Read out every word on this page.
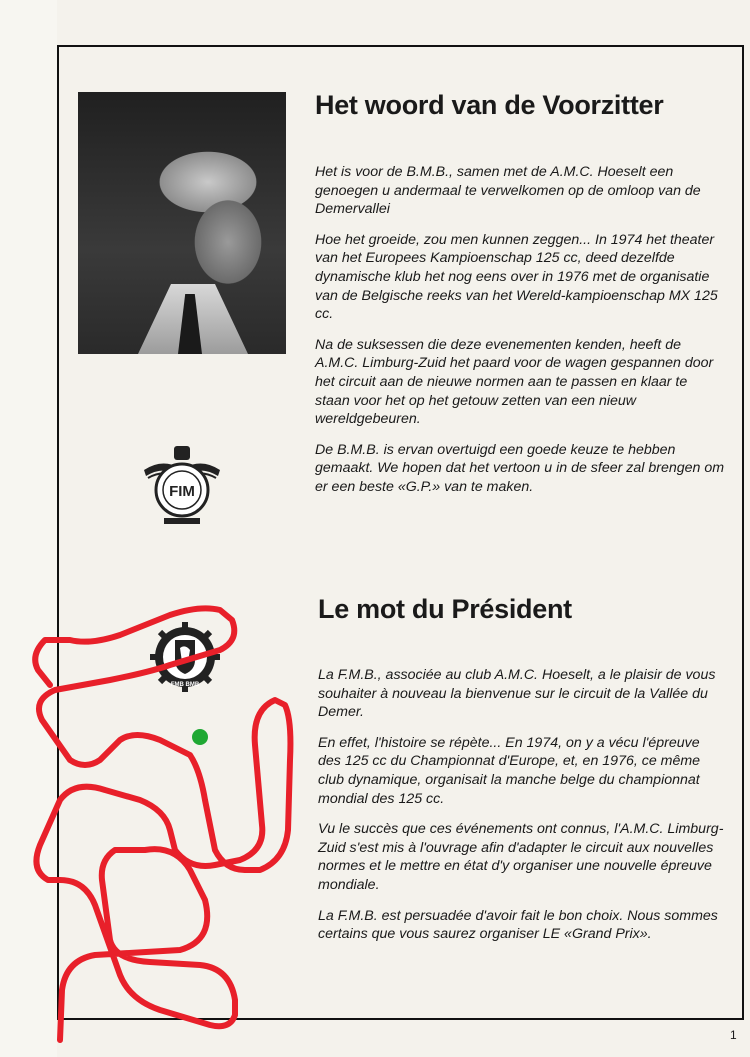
Het woord van de Voorzitter

Het is voor de B.M.B., samen met de A.M.C. Hoeselt een genoegen u andermaal te verwelkomen op de omloop van de Demervallei

Hoe het groeide, zou men kunnen zeggen... In 1974 het theater van het Europees Kampioenschap 125 cc, deed dezelfde dynamische klub het nog eens over in 1976 met de organisatie van de Belgische reeks van het Wereld-kampioenschap MX 125 cc.

Na de suksessen die deze evenementen kenden, heeft de A.M.C. Limburg-Zuid het paard voor de wagen gespannen door het circuit aan de nieuwe normen aan te passen en klaar te staan voor het op het getouw zetten van een nieuw wereldgebeuren.

De B.M.B. is ervan overtuigd een goede keuze te hebben gemaakt. We hopen dat het vertoon u in de sfeer zal brengen om er een beste «G.P.» van te maken.

FIM
Le mot du Président

La F.M.B., associée au club A.M.C. Hoeselt, a le plaisir de vous souhaiter à nouveau la bienvenue sur le circuit de la Vallée du Demer.

En effet, l'histoire se répète... En 1974, on y a vécu l'épreuve des 125 cc du Championnat d'Europe, et, en 1976, ce même club dynamique, organisait la manche belge du championnat mondial des 125 cc.

Vu le succès que ces événements ont connus, l'A.M.C. Limburg-Zuid s'est mis à l'ouvrage afin d'adapter le circuit aux nouvelles normes et le mettre en état d'y organiser une nouvelle épreuve mondiale.

La F.M.B. est persuadée d'avoir fait le bon choix. Nous sommes certains que vous saurez organiser LE «Grand Prix».

FMB BMB
1
